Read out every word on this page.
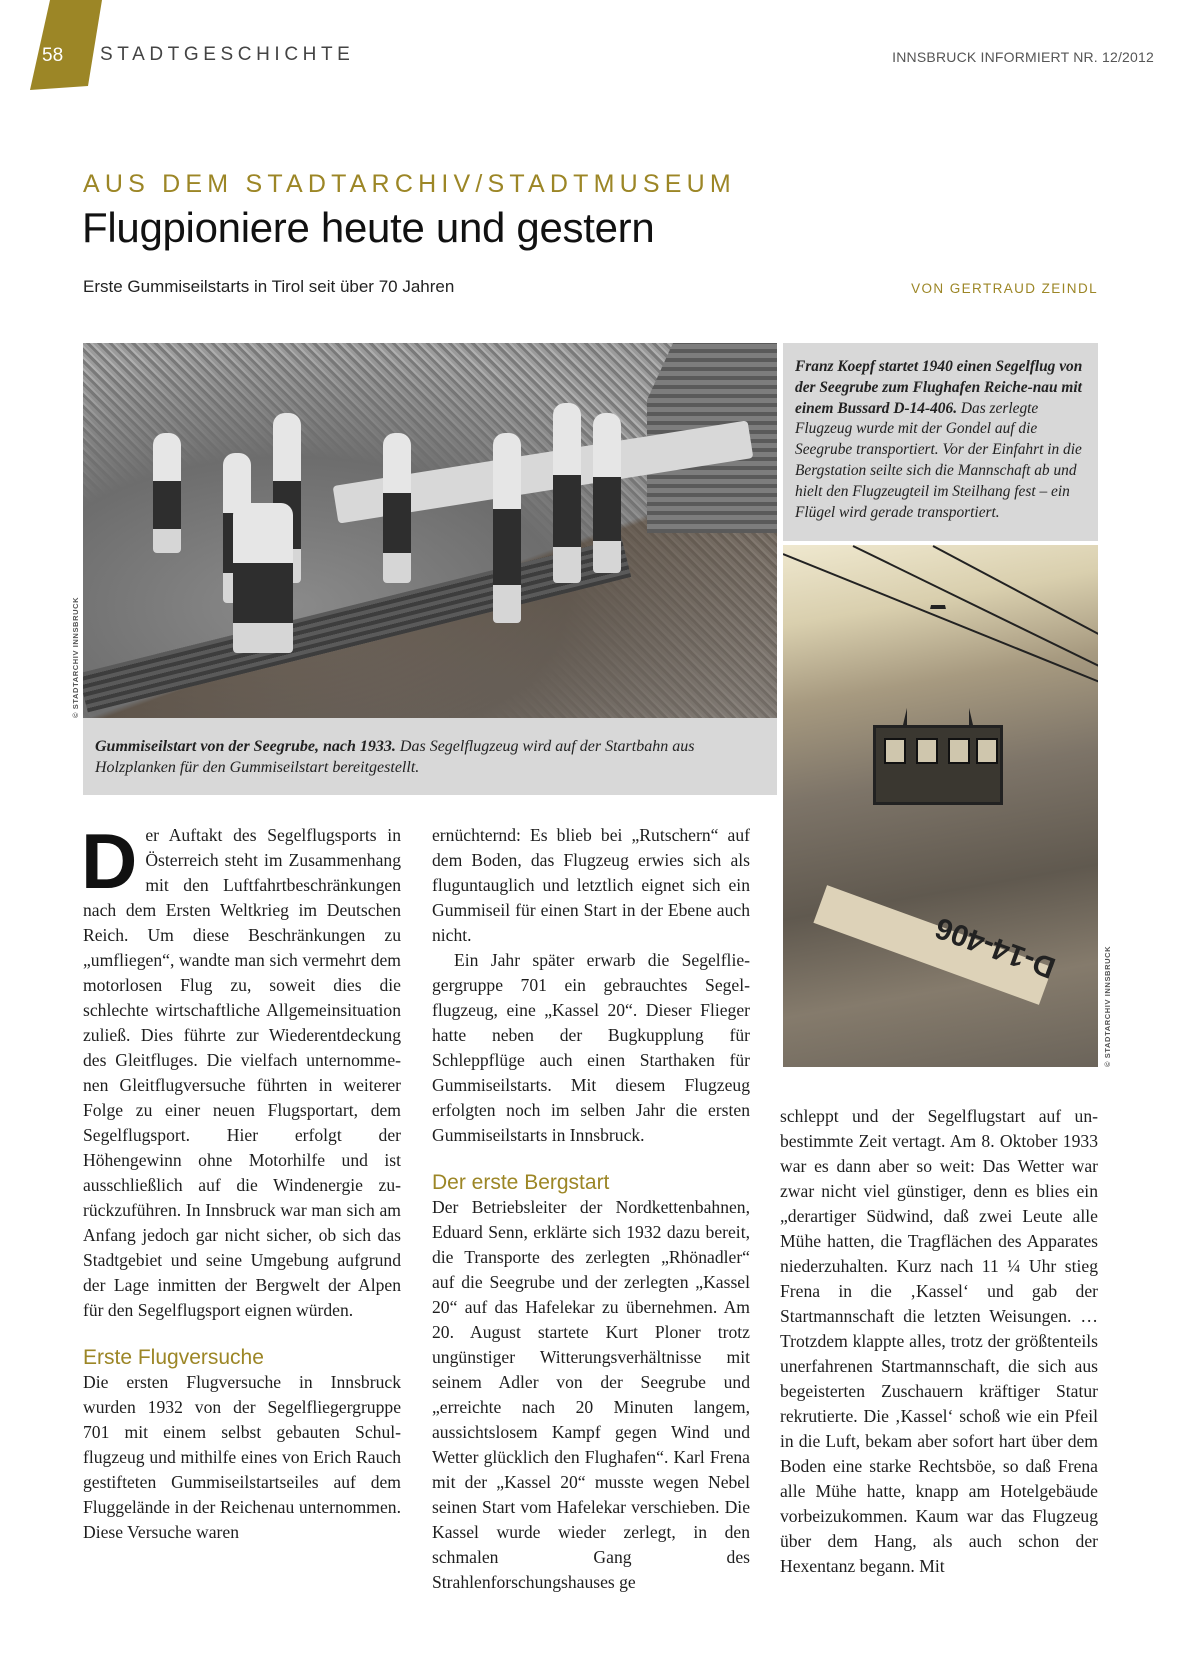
58 STADTGESCHICHTE	INNSBRUCK INFORMIERT NR. 12/2012
AUS DEM STADTARCHIV/STADTMUSEUM
Flugpioniere heute und gestern
Erste Gummiseilstarts in Tirol seit über 70 Jahren	VON GERTRAUD ZEINDL
© STADTARCHIV INNSBRUCK
Gummiseilstart von der Seegrube, nach 1933. Das Segelflugzeug wird auf der Startbahn aus Holzplanken für den Gummiseilstart bereitgestellt.
Franz Koepf startet 1940 einen Segelflug von der Seegrube zum Flughafen Reiche-nau mit einem Bussard D-14-406. Das zerlegte Flugzeug wurde mit der Gondel auf die Seegrube transportiert. Vor der Einfahrt in die Bergstation seilte sich die Mannschaft ab und hielt den Flugzeugteil im Steilhang fest – ein Flügel wird gerade transportiert.
D-14-406	© STADTARCHIV INNSBRUCK
D er Auftakt des Segelflugsports in Österreich steht im Zusammenhang mit den Luftfahrtbeschränkungen nach dem Ersten Weltkrieg im Deutschen Reich. Um diese Beschränkungen zu „umfliegen“, wandte man sich vermehrt dem motorlosen Flug zu, soweit dies die schlechte wirtschaftliche Allgemeinsituation zuließ. Dies führte zur Wiederentdeckung des Gleitfluges. Die vielfach unternommenen Gleitflugversuche führten in weiterer Folge zu einer neuen Flugsportart, dem Segelflugsport. Hier erfolgt der Höhengewinn ohne Motorhilfe und ist ausschließlich auf die Windenergie zurückzuführen. In Innsbruck war man sich am Anfang jedoch gar nicht sicher, ob sich das Stadtgebiet und seine Umgebung aufgrund der Lage inmitten der Bergwelt der Alpen für den Segelflugsport eignen würden.

Erste Flugversuche

Die ersten Flugversuche in Innsbruck wurden 1932 von der Segelfliegergruppe 701 mit einem selbst gebauten Schulflugzeug und mithilfe eines von Erich Rauch gestifteten Gummiseilstartseiles auf dem Fluggelände in der Reichenau unternommen. Diese Versuche waren

ernüchternd: Es blieb bei „Rutschern“ auf dem Boden, das Flugzeug erwies sich als fluguntauglich und letztlich eignet sich ein Gummiseil für einen Start in der Ebene auch nicht.

Ein Jahr später erwarb die Segelfliegergruppe 701 ein gebrauchtes Segelflugzeug, eine „Kassel 20“. Dieser Flieger hatte neben der Bugkupplung für Schleppflüge auch einen Starthaken für Gummiseilstarts. Mit diesem Flugzeug erfolgten noch im selben Jahr die ersten Gummiseilstarts in Innsbruck.

Der erste Bergstart

Der Betriebsleiter der Nordkettenbahnen, Eduard Senn, erklärte sich 1932 dazu bereit, die Transporte des zerlegten „Rhönadler“ auf die Seegrube und der zerlegten „Kassel 20“ auf das Hafelekar zu übernehmen. Am 20. August startete Kurt Ploner trotz ungünstiger Witterungsverhältnisse mit seinem Adler von der Seegrube und „erreichte nach 20 Minuten langem, aussichtslosem Kampf gegen Wind und Wetter glücklich den Flughafen“. Karl Frena mit der „Kassel 20“ musste wegen Nebel seinen Start vom Hafelekar verschieben. Die Kassel wurde wieder zerlegt, in den schmalen Gang des Strahlenforschungshauses ge

schleppt und der Segelflugstart auf unbestimmte Zeit vertagt. Am 8. Oktober 1933 war es dann aber so weit: Das Wetter war zwar nicht viel günstiger, denn es blies ein „derartiger Südwind, daß zwei Leute alle Mühe hatten, die Tragflächen des Apparates niederzuhalten. Kurz nach 11 ¼ Uhr stieg Frena in die ‚Kassel‘ und gab der Startmannschaft die letzten Weisungen. … Trotzdem klappte alles, trotz der größtenteils unerfahrenen Startmannschaft, die sich aus begeisterten Zuschauern kräftiger Statur rekrutierte. Die ‚Kassel‘ schoß wie ein Pfeil in die Luft, bekam aber sofort hart über dem Boden eine starke Rechtsböe, so daß Frena alle Mühe hatte, knapp am Hotelgebäude vorbeizukommen. Kaum war das Flugzeug über dem Hang, als auch schon der Hexentanz begann. Mit
